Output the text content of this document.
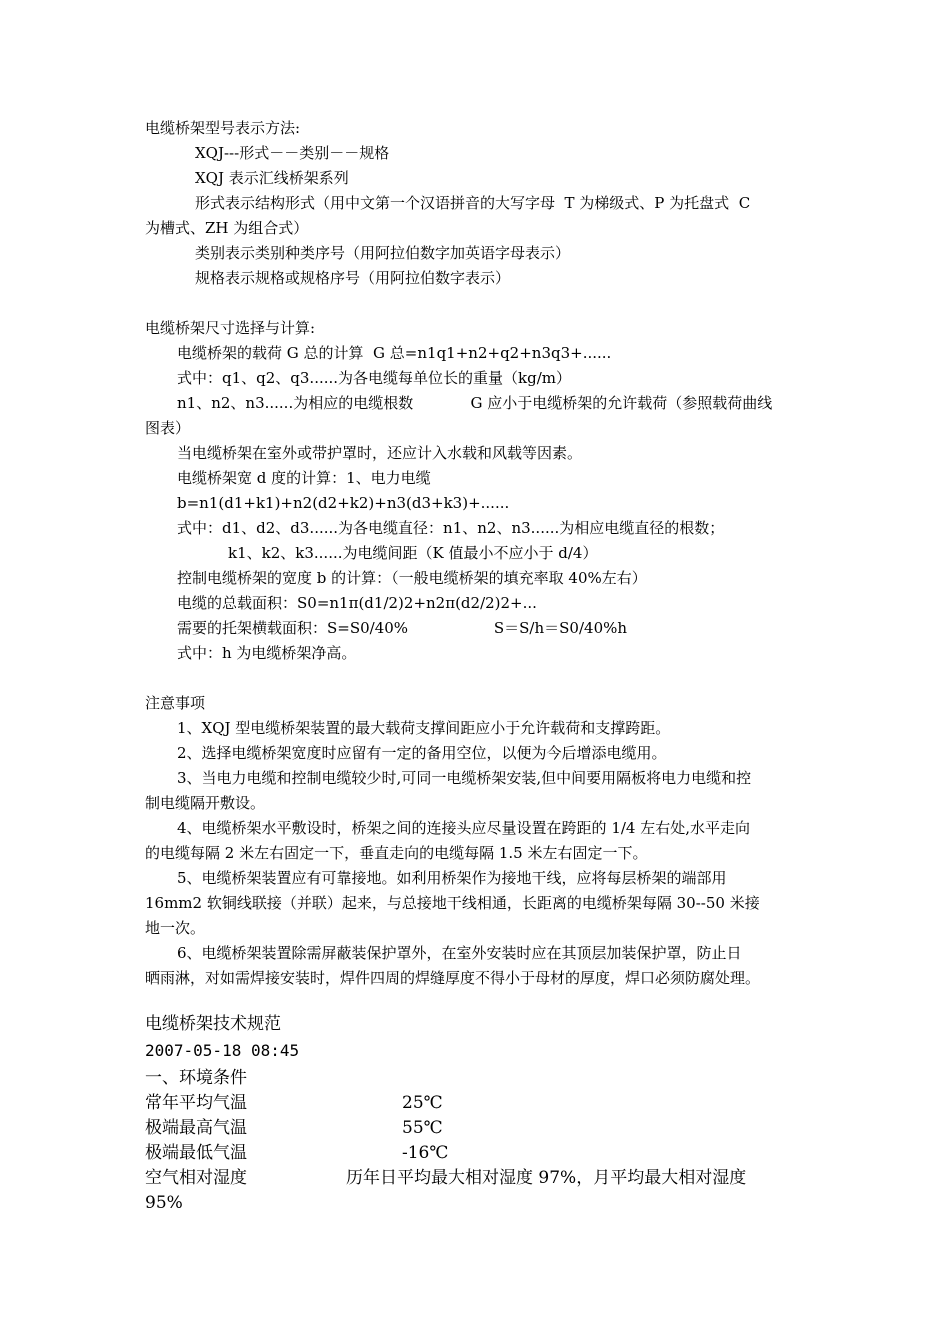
电缆桥架型号表示方法:
XQJ---形式－－类别－－规格
XQJ 表示汇线桥架系列
形式表示结构形式（用中文第一个汉语拼音的大写字母  T 为梯级式、P 为托盘式  C
为槽式、ZH 为组合式）
类别表示类别种类序号（用阿拉伯数字加英语字母表示）
规格表示规格或规格序号（用阿拉伯数字表示）
电缆桥架尺寸选择与计算:
电缆桥架的载荷 G 总的计算  G 总=n1q1+n2+q2+n3q3+......
式中：q1、q2、q3......为各电缆每单位长的重量（kg/m）
n1、n2、n3......为相应的电缆根数            G 应小于电缆桥架的允许载荷（参照载荷曲线
图表）
当电缆桥架在室外或带护罩时，还应计入水载和风载等因素。
电缆桥架宽 d 度的计算：1、电力电缆
b=n1(d1+k1)+n2(d2+k2)+n3(d3+k3)+......
式中：d1、d2、d3......为各电缆直径：n1、n2、n3......为相应电缆直径的根数；
k1、k2、k3......为电缆间距（K 值最小不应小于 d/4）
控制电缆桥架的宽度 b 的计算：（一般电缆桥架的填充率取 40%左右）
电缆的总载面积：S0=n1π(d1/2)2+n2π(d2/2)2+...
需要的托架横载面积：S=S0/40%                  S＝S/h＝S0/40%h
式中：h 为电缆桥架净高。
注意事项
1、XQJ 型电缆桥架装置的最大载荷支撑间距应小于允许载荷和支撑跨距。
2、选择电缆桥架宽度时应留有一定的备用空位，以便为今后增添电缆用。
3、当电力电缆和控制电缆较少时,可同一电缆桥架安装,但中间要用隔板将电力电缆和控
制电缆隔开敷设。
4、电缆桥架水平敷设时，桥架之间的连接头应尽量设置在跨距的 1/4 左右处,水平走向
的电缆每隔 2 米左右固定一下，垂直走向的电缆每隔 1.5 米左右固定一下。
5、电缆桥架装置应有可靠接地。如利用桥架作为接地干线，应将每层桥架的端部用
16mm2 软铜线联接（并联）起来，与总接地干线相通，长距离的电缆桥架每隔 30--50 米接
地一次。
6、电缆桥架装置除需屏蔽装保护罩外，在室外安装时应在其顶层加装保护罩，防止日
晒雨淋，对如需焊接安装时，焊件四周的焊缝厚度不得小于母材的厚度，焊口必须防腐处理。
电缆桥架技术规范
2007-05-18 08:45
一、环境条件
常年平均气温	25℃
极端最高气温	55℃
极端最低气温	-16℃
空气相对湿度	历年日平均最大相对湿度 97%，月平均最大相对湿度
95%
